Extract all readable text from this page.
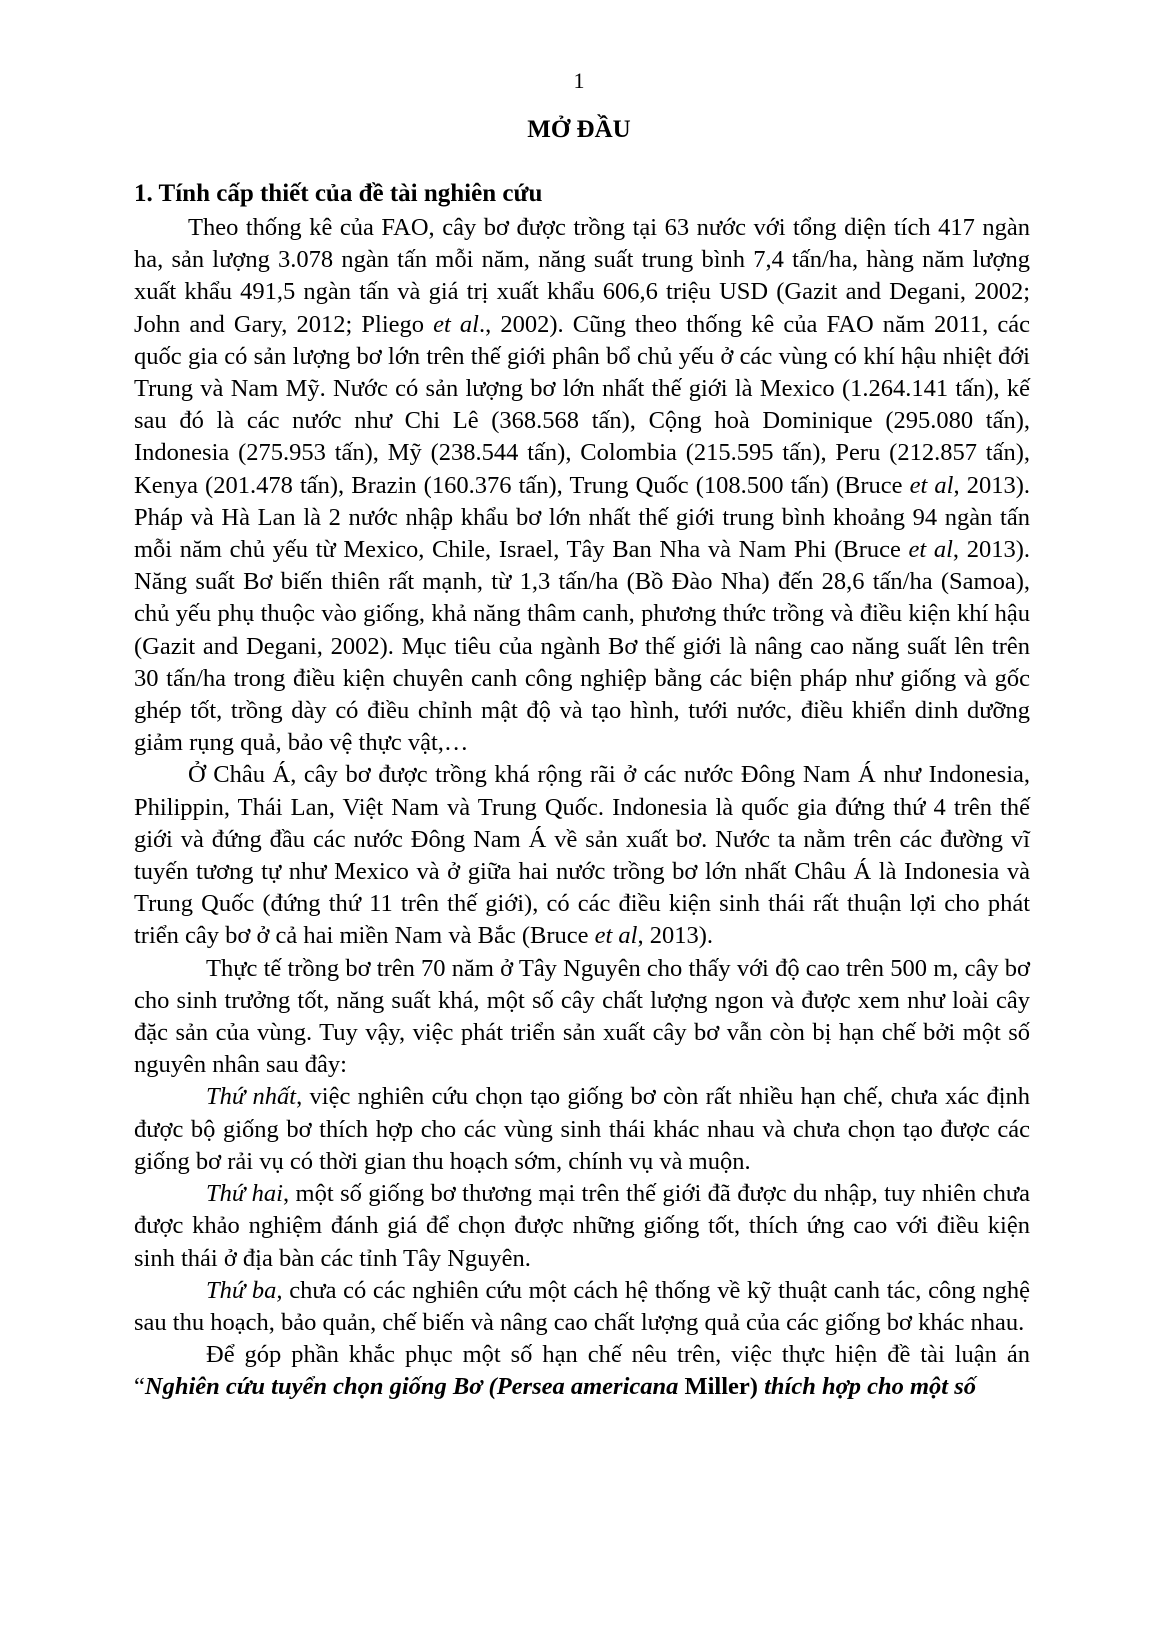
1
MỞ ĐẦU
1. Tính cấp thiết của đề tài nghiên cứu

Theo thống kê của FAO, cây bơ được trồng tại 63 nước với tổng diện tích 417 ngàn ha, sản lượng 3.078 ngàn tấn mỗi năm, năng suất trung bình 7,4 tấn/ha, hàng năm lượng xuất khẩu 491,5 ngàn tấn và giá trị xuất khẩu 606,6 triệu USD (Gazit and Degani, 2002; John and Gary, 2012; Pliego et al., 2002). Cũng theo thống kê của FAO năm 2011, các quốc gia có sản lượng bơ lớn trên thế giới phân bổ chủ yếu ở các vùng có khí hậu nhiệt đới Trung và Nam Mỹ. Nước có sản lượng bơ lớn nhất thế giới là Mexico (1.264.141 tấn), kế sau đó là các nước như Chi Lê (368.568 tấn), Cộng hoà Dominique (295.080 tấn), Indonesia (275.953 tấn), Mỹ (238.544 tấn), Colombia (215.595 tấn), Peru (212.857 tấn), Kenya (201.478 tấn), Brazin (160.376 tấn), Trung Quốc (108.500 tấn) (Bruce et al, 2013). Pháp và Hà Lan là 2 nước nhập khẩu bơ lớn nhất thế giới trung bình khoảng 94 ngàn tấn mỗi năm chủ yếu từ Mexico, Chile, Israel, Tây Ban Nha và Nam Phi (Bruce et al, 2013). Năng suất Bơ biến thiên rất mạnh, từ 1,3 tấn/ha (Bồ Đào Nha) đến 28,6 tấn/ha (Samoa), chủ yếu phụ thuộc vào giống, khả năng thâm canh, phương thức trồng và điều kiện khí hậu (Gazit and Degani, 2002). Mục tiêu của ngành Bơ thế giới là nâng cao năng suất lên trên 30 tấn/ha trong điều kiện chuyên canh công nghiệp bằng các biện pháp như giống và gốc ghép tốt, trồng dày có điều chỉnh mật độ và tạo hình, tưới nước, điều khiển dinh dưỡng giảm rụng quả, bảo vệ thực vật,…

Ở Châu Á, cây bơ được trồng khá rộng rãi ở các nước Đông Nam Á như Indonesia, Philippin, Thái Lan, Việt Nam và Trung Quốc. Indonesia là quốc gia đứng thứ 4 trên thế giới và đứng đầu các nước Đông Nam Á về sản xuất bơ. Nước ta nằm trên các đường vĩ tuyến tương tự như Mexico và ở giữa hai nước trồng bơ lớn nhất Châu Á là Indonesia và Trung Quốc (đứng thứ 11 trên thế giới), có các điều kiện sinh thái rất thuận lợi cho phát triển cây bơ ở cả hai miền Nam và Bắc (Bruce et al, 2013).

Thực tế trồng bơ trên 70 năm ở Tây Nguyên cho thấy với độ cao trên 500 m, cây bơ cho sinh trưởng tốt, năng suất khá, một số cây chất lượng ngon và được xem như loài cây đặc sản của vùng. Tuy vậy, việc phát triển sản xuất cây bơ vẫn còn bị hạn chế bởi một số nguyên nhân sau đây:

Thứ nhất, việc nghiên cứu chọn tạo giống bơ còn rất nhiều hạn chế, chưa xác định được bộ giống bơ thích hợp cho các vùng sinh thái khác nhau và chưa chọn tạo được các giống bơ rải vụ có thời gian thu hoạch sớm, chính vụ và muộn.

Thứ hai, một số giống bơ thương mại trên thế giới đã được du nhập, tuy nhiên chưa được khảo nghiệm đánh giá để chọn được những giống tốt, thích ứng cao với điều kiện sinh thái ở địa bàn các tỉnh Tây Nguyên.

Thứ ba, chưa có các nghiên cứu một cách hệ thống về kỹ thuật canh tác, công nghệ sau thu hoạch, bảo quản, chế biến và nâng cao chất lượng quả của các giống bơ khác nhau.

Để góp phần khắc phục một số hạn chế nêu trên, việc thực hiện đề tài luận án “Nghiên cứu tuyển chọn giống Bơ (Persea americana Miller) thích hợp cho một số
